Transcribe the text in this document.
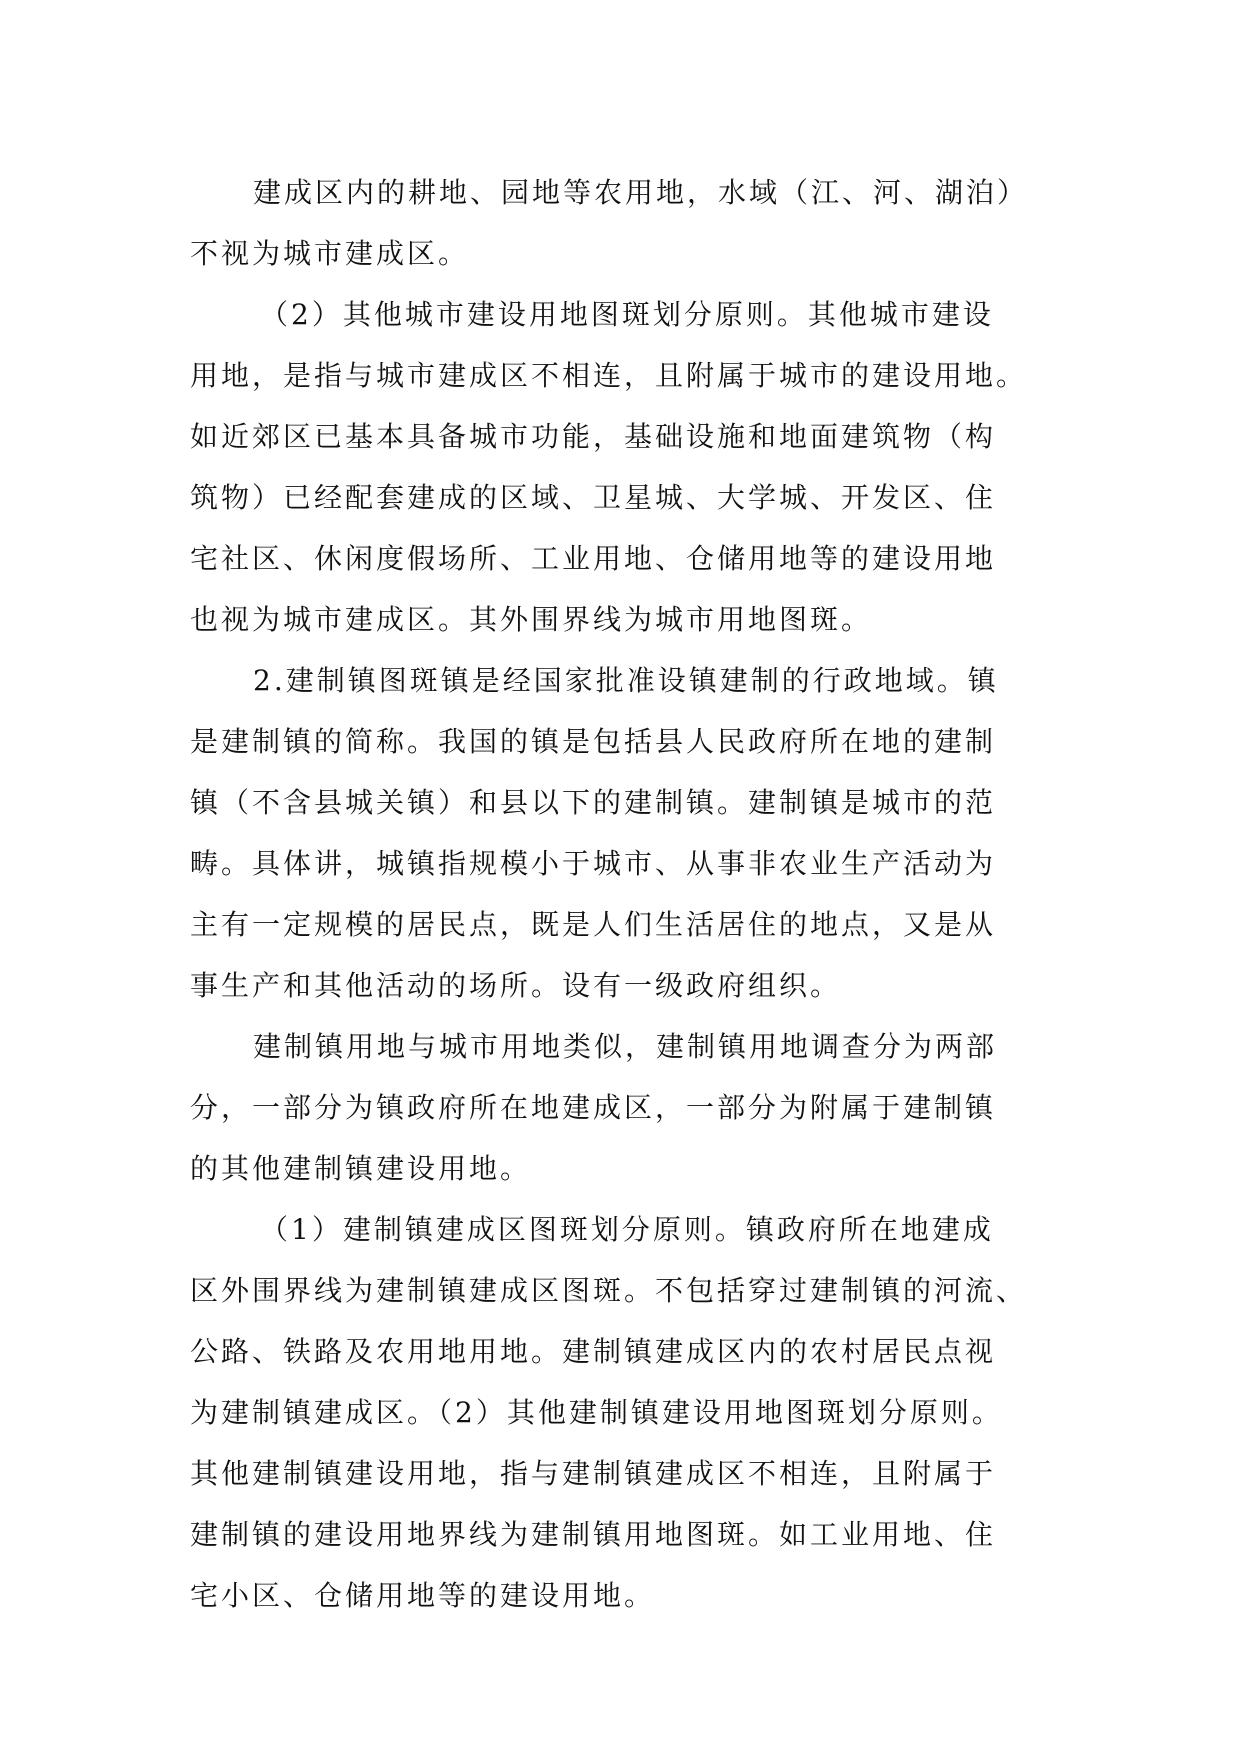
建成区内的耕地、园地等农用地，水域（江、河、湖泊）
不视为城市建成区。
（2）其他城市建设用地图斑划分原则。其他城市建设
用地，是指与城市建成区不相连，且附属于城市的建设用地。
如近郊区已基本具备城市功能，基础设施和地面建筑物（构
筑物）已经配套建成的区域、卫星城、大学城、开发区、住
宅社区、休闲度假场所、工业用地、仓储用地等的建设用地
也视为城市建成区。其外围界线为城市用地图斑。
2.建制镇图斑镇是经国家批准设镇建制的行政地域。镇
是建制镇的简称。我国的镇是包括县人民政府所在地的建制
镇（不含县城关镇）和县以下的建制镇。建制镇是城市的范
畴。具体讲，城镇指规模小于城市、从事非农业生产活动为
主有一定规模的居民点，既是人们生活居住的地点，又是从
事生产和其他活动的场所。设有一级政府组织。
建制镇用地与城市用地类似，建制镇用地调查分为两部
分，一部分为镇政府所在地建成区，一部分为附属于建制镇
的其他建制镇建设用地。
（1）建制镇建成区图斑划分原则。镇政府所在地建成
区外围界线为建制镇建成区图斑。不包括穿过建制镇的河流、
公路、铁路及农用地用地。建制镇建成区内的农村居民点视
为建制镇建成区。（2）其他建制镇建设用地图斑划分原则。
其他建制镇建设用地，指与建制镇建成区不相连，且附属于
建制镇的建设用地界线为建制镇用地图斑。如工业用地、住
宅小区、仓储用地等的建设用地。
